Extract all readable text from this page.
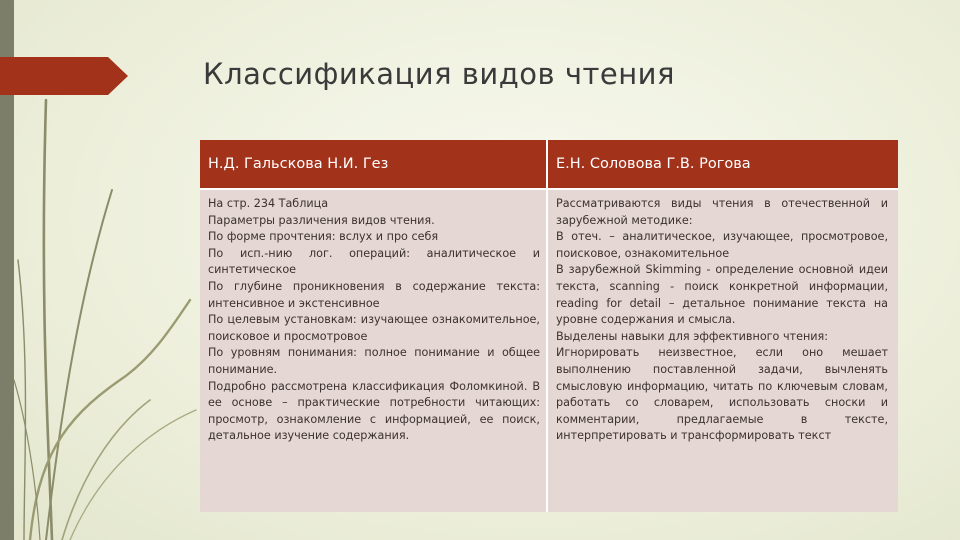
Классификация видов чтения
Н.Д. Гальскова Н.И. Гез	Е.Н. Соловова Г.В. Рогова
На стр. 234 Таблица
Параметры различения видов чтения.
По форме прочтения: вслух и про себя
По исп.-нию лог. операций: аналитическое и синтетическое
По глубине проникновения в содержание текста: интенсивное и экстенсивное
По целевым установкам: изучающее ознакомительное, поисковое и просмотровое
По уровням понимания: полное понимание и общее понимание.
Подробно рассмотрена классификация Фоломкиной. В ее основе – практические потребности читающих: просмотр, ознакомление с информацией, ее поиск, детальное изучение содержания.
Рассматриваются виды чтения в отечественной и зарубежной методике:
В отеч. – аналитическое, изучающее, просмотровое, поисковое, ознакомительное
В зарубежной Skimming - определение основной идеи текста, scanning - поиск конкретной информации, reading for detail – детальное понимание текста на уровне содержания и смысла.
Выделены навыки для эффективного чтения:
Игнорировать неизвестное, если оно мешает выполнению поставленной задачи, вычленять смысловую информацию, читать по ключевым словам, работать со словарем, использовать сноски и комментарии, предлагаемые в тексте, интерпретировать и трансформировать текст
